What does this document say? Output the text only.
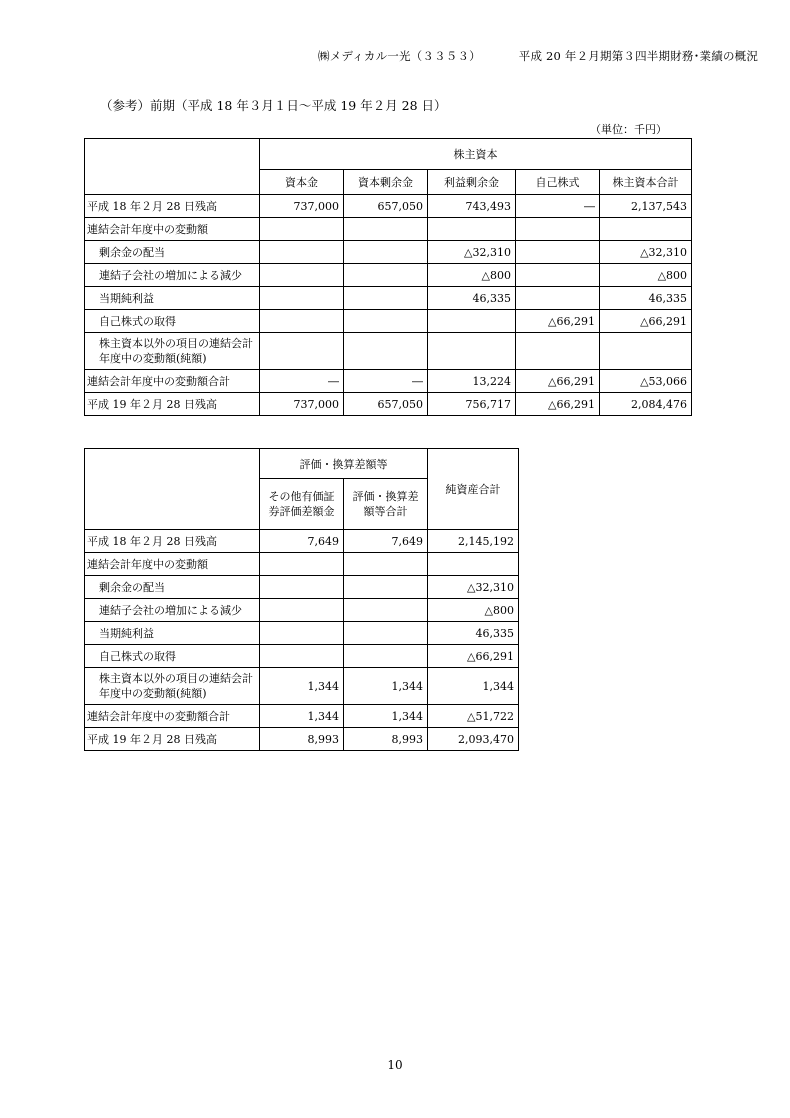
㈱メディカル一光（３３５３）	平成 20 年２月期第３四半期財務･業績の概況
（参考）前期（平成 18 年３月１日～平成 19 年２月 28 日）
（単位：千円）
	株主資本				
	資本金	資本剰余金	利益剰余金	自己株式	株主資本合計
平成 18 年２月 28 日残高	737,000	657,050	743,493	―	2,137,543
連結会計年度中の変動額					
剰余金の配当			△32,310		△32,310
連結子会社の増加による減少			△800		△800
当期純利益			46,335		46,335
自己株式の取得				△66,291	△66,291
株主資本以外の項目の連結会計年度中の変動額(純額)					
連結会計年度中の変動額合計	―	―	13,224	△66,291	△53,066
平成 19 年２月 28 日残高	737,000	657,050	756,717	△66,291	2,084,476
	評価・換算差額等		純資産合計
	その他有価証券評価差額金	評価・換算差額等合計	
平成 18 年２月 28 日残高	7,649	7,649	2,145,192
連結会計年度中の変動額			
剰余金の配当			△32,310
連結子会社の増加による減少			△800
当期純利益			46,335
自己株式の取得			△66,291
株主資本以外の項目の連結会計年度中の変動額(純額)	1,344	1,344	1,344
連結会計年度中の変動額合計	1,344	1,344	△51,722
平成 19 年２月 28 日残高	8,993	8,993	2,093,470
10
